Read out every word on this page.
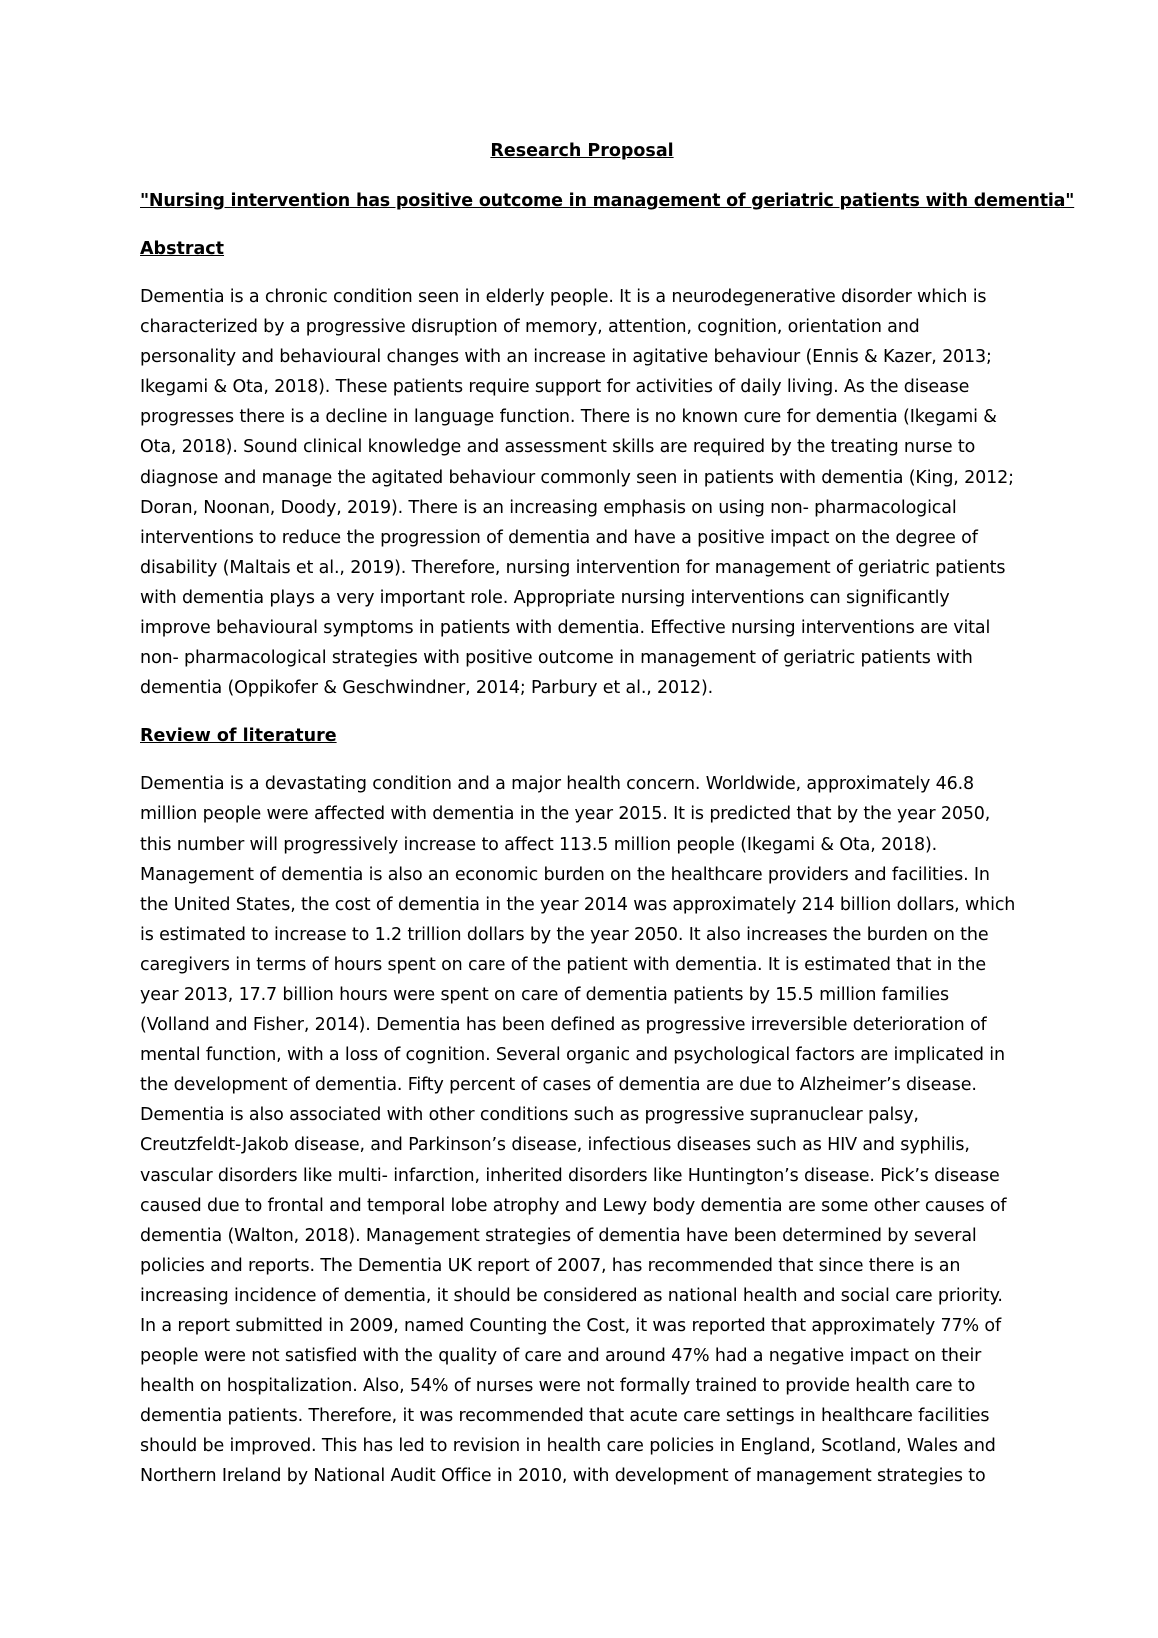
Research Proposal
"Nursing intervention has positive outcome in management of geriatric patients with dementia"
Abstract
Dementia is a chronic condition seen in elderly people. It is a neurodegenerative disorder which is
characterized by a progressive disruption of memory, attention, cognition, orientation and
personality and behavioural changes with an increase in agitative behaviour (Ennis & Kazer, 2013;
Ikegami & Ota, 2018). These patients require support for activities of daily living. As the disease
progresses there is a decline in language function. There is no known cure for dementia (Ikegami &
Ota, 2018). Sound clinical knowledge and assessment skills are required by the treating nurse to
diagnose and manage the agitated behaviour commonly seen in patients with dementia (King, 2012;
Doran, Noonan, Doody, 2019). There is an increasing emphasis on using non- pharmacological
interventions to reduce the progression of dementia and have a positive impact on the degree of
disability (Maltais et al., 2019). Therefore, nursing intervention for management of geriatric patients
with dementia plays a very important role. Appropriate nursing interventions can significantly
improve behavioural symptoms in patients with dementia. Effective nursing interventions are vital
non- pharmacological strategies with positive outcome in management of geriatric patients with
dementia (Oppikofer & Geschwindner, 2014; Parbury et al., 2012).
Review of literature
Dementia is a devastating condition and a major health concern. Worldwide, approximately 46.8
million people were affected with dementia in the year 2015. It is predicted that by the year 2050,
this number will progressively increase to affect 113.5 million people (Ikegami & Ota, 2018).
Management of dementia is also an economic burden on the healthcare providers and facilities. In
the United States, the cost of dementia in the year 2014 was approximately 214 billion dollars, which
is estimated to increase to 1.2 trillion dollars by the year 2050. It also increases the burden on the
caregivers in terms of hours spent on care of the patient with dementia. It is estimated that in the
year 2013, 17.7 billion hours were spent on care of dementia patients by 15.5 million families
(Volland and Fisher, 2014). Dementia has been defined as progressive irreversible deterioration of
mental function, with a loss of cognition. Several organic and psychological factors are implicated in
the development of dementia. Fifty percent of cases of dementia are due to Alzheimer’s disease.
Dementia is also associated with other conditions such as progressive supranuclear palsy,
Creutzfeldt-Jakob disease, and Parkinson’s disease, infectious diseases such as HIV and syphilis,
vascular disorders like multi- infarction, inherited disorders like Huntington’s disease. Pick’s disease
caused due to frontal and temporal lobe atrophy and Lewy body dementia are some other causes of
dementia (Walton, 2018). Management strategies of dementia have been determined by several
policies and reports. The Dementia UK report of 2007, has recommended that since there is an
increasing incidence of dementia, it should be considered as national health and social care priority.
In a report submitted in 2009, named Counting the Cost, it was reported that approximately 77% of
people were not satisfied with the quality of care and around 47% had a negative impact on their
health on hospitalization. Also, 54% of nurses were not formally trained to provide health care to
dementia patients. Therefore, it was recommended that acute care settings in healthcare facilities
should be improved. This has led to revision in health care policies in England, Scotland, Wales and
Northern Ireland by National Audit Office in 2010, with development of management strategies to
